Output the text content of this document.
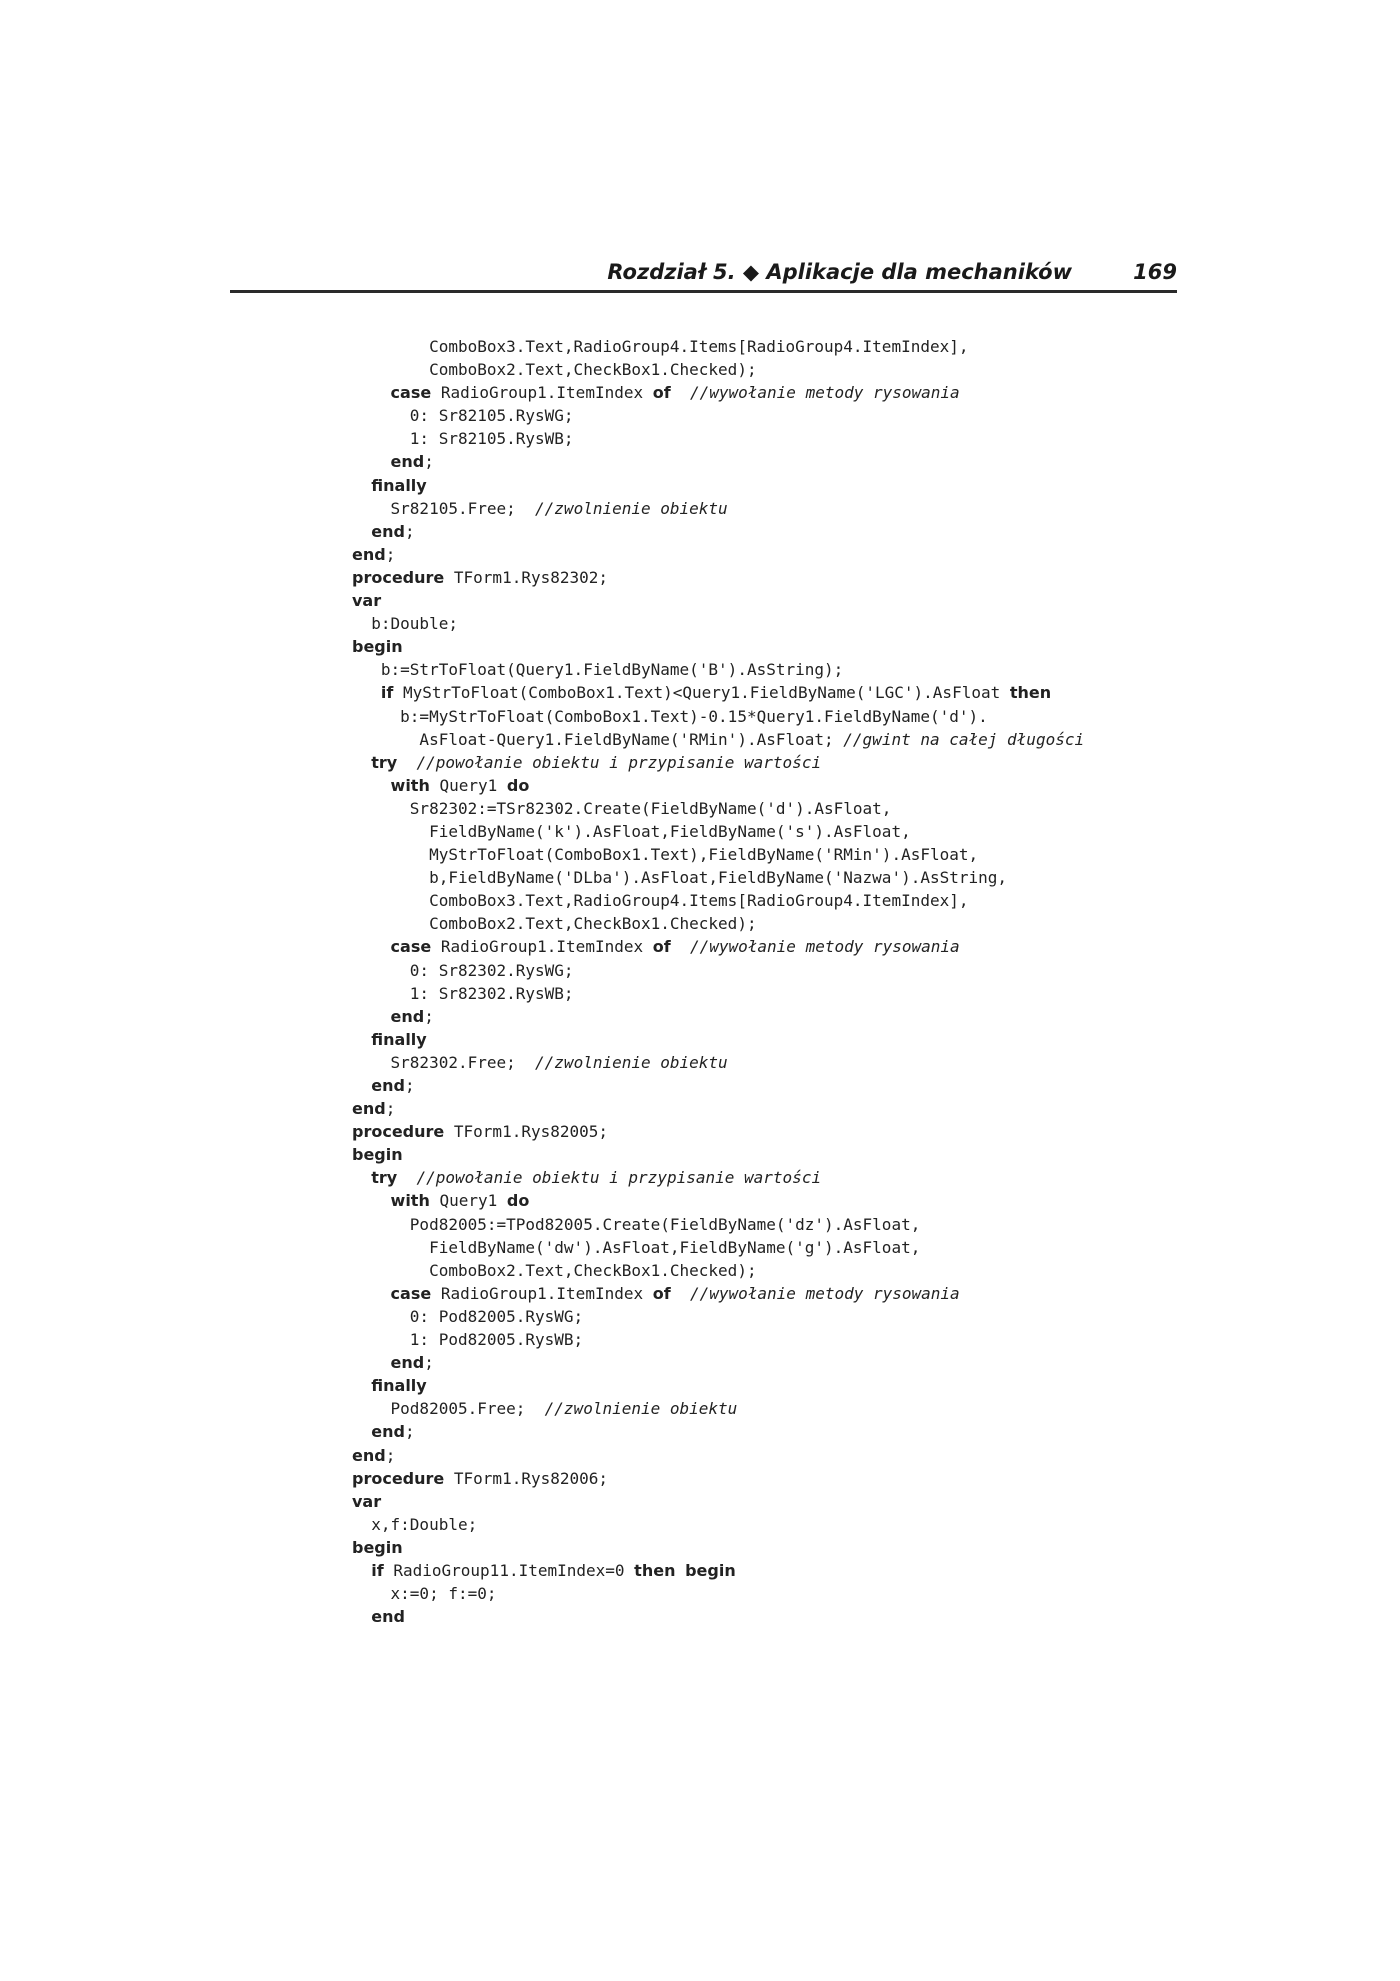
Rozdział 5. ◆ Aplikacje dla mechaników	169
ComboBox3.Text,RadioGroup4.Items[RadioGroup4.ItemIndex],
ComboBox2.Text,CheckBox1.Checked);
case RadioGroup1.ItemIndex of //wywołanie metody rysowania
0: Sr82105.RysWG;
1: Sr82105.RysWB;
end;
finally
Sr82105.Free;  //zwolnienie obiektu
end;
end;
procedure TForm1.Rys82302;
var
b:Double;
begin
b:=StrToFloat(Query1.FieldByName('B').AsString);
if MyStrToFloat(ComboBox1.Text)<Query1.FieldByName('LGC').AsFloat then
b:=MyStrToFloat(ComboBox1.Text)-0.15*Query1.FieldByName('d').
AsFloat-Query1.FieldByName('RMin').AsFloat; //gwint na całej długości
try //powołanie obiektu i przypisanie wartości
with Query1 do
Sr82302:=TSr82302.Create(FieldByName('d').AsFloat,
FieldByName('k').AsFloat,FieldByName('s').AsFloat,
MyStrToFloat(ComboBox1.Text),FieldByName('RMin').AsFloat,
b,FieldByName('DLba').AsFloat,FieldByName('Nazwa').AsString,
ComboBox3.Text,RadioGroup4.Items[RadioGroup4.ItemIndex],
ComboBox2.Text,CheckBox1.Checked);
case RadioGroup1.ItemIndex of //wywołanie metody rysowania
0: Sr82302.RysWG;
1: Sr82302.RysWB;
end;
finally
Sr82302.Free;  //zwolnienie obiektu
end;
end;
procedure TForm1.Rys82005;
begin
try //powołanie obiektu i przypisanie wartości
with Query1 do
Pod82005:=TPod82005.Create(FieldByName('dz').AsFloat,
FieldByName('dw').AsFloat,FieldByName('g').AsFloat,
ComboBox2.Text,CheckBox1.Checked);
case RadioGroup1.ItemIndex of //wywołanie metody rysowania
0: Pod82005.RysWG;
1: Pod82005.RysWB;
end;
finally
Pod82005.Free;  //zwolnienie obiektu
end;
end;
procedure TForm1.Rys82006;
var
x,f:Double;
begin
if RadioGroup11.ItemIndex=0 then begin
x:=0; f:=0;
end
